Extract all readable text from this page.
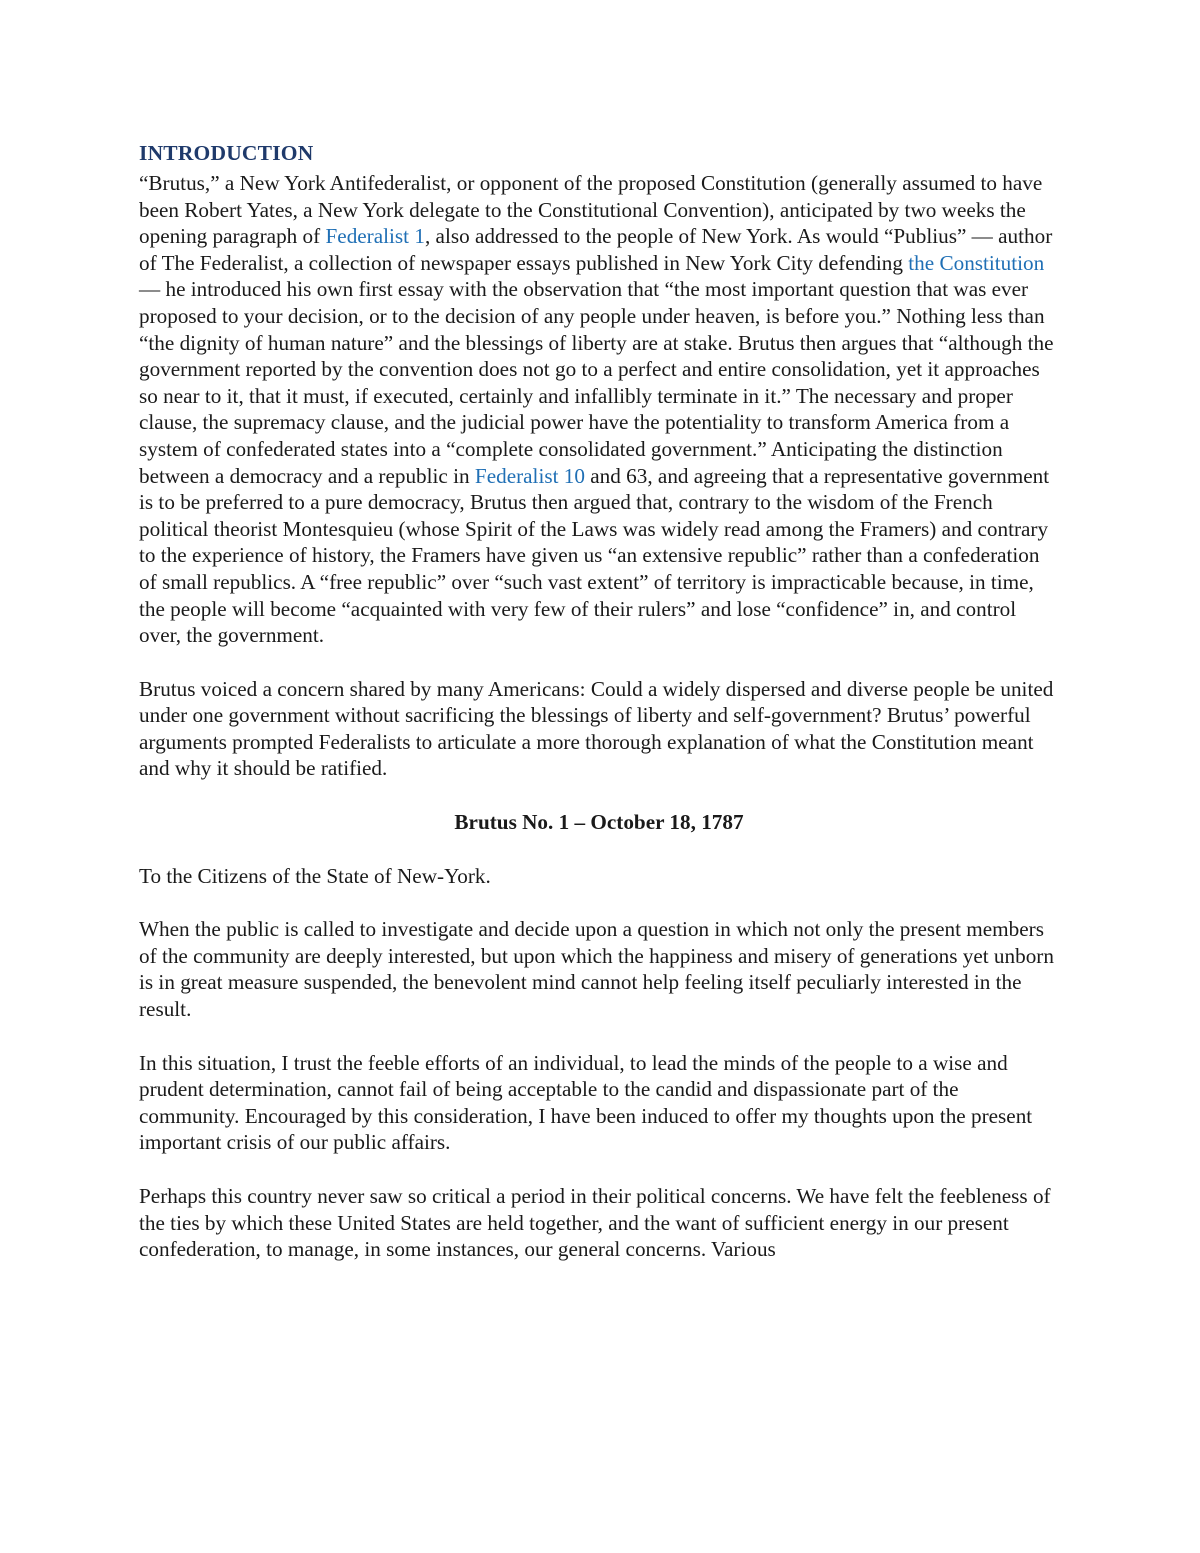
INTRODUCTION

“Brutus,” a New York Antifederalist, or opponent of the proposed Constitution (generally assumed to have been Robert Yates, a New York delegate to the Constitutional Convention), anticipated by two weeks the opening paragraph of Federalist 1, also addressed to the people of New York. As would “Publius” — author of The Federalist, a collection of newspaper essays published in New York City defending the Constitution — he introduced his own first essay with the observation that “the most important question that was ever proposed to your decision, or to the decision of any people under heaven, is before you.” Nothing less than “the dignity of human nature” and the blessings of liberty are at stake. Brutus then argues that “although the government reported by the convention does not go to a perfect and entire consolidation, yet it approaches so near to it, that it must, if executed, certainly and infallibly terminate in it.” The necessary and proper clause, the supremacy clause, and the judicial power have the potentiality to transform America from a system of confederated states into a “complete consolidated government.” Anticipating the distinction between a democracy and a republic in Federalist 10 and 63, and agreeing that a representative government is to be preferred to a pure democracy, Brutus then argued that, contrary to the wisdom of the French political theorist Montesquieu (whose Spirit of the Laws was widely read among the Framers) and contrary to the experience of history, the Framers have given us “an extensive republic” rather than a confederation of small republics. A “free republic” over “such vast extent” of territory is impracticable because, in time, the people will become “acquainted with very few of their rulers” and lose “confidence” in, and control over, the government.

Brutus voiced a concern shared by many Americans: Could a widely dispersed and diverse people be united under one government without sacrificing the blessings of liberty and self-government? Brutus’ powerful arguments prompted Federalists to articulate a more thorough explanation of what the Constitution meant and why it should be ratified.

Brutus No. 1 – October 18, 1787

To the Citizens of the State of New-York.

When the public is called to investigate and decide upon a question in which not only the present members of the community are deeply interested, but upon which the happiness and misery of generations yet unborn is in great measure suspended, the benevolent mind cannot help feeling itself peculiarly interested in the result.

In this situation, I trust the feeble efforts of an individual, to lead the minds of the people to a wise and prudent determination, cannot fail of being acceptable to the candid and dispassionate part of the community. Encouraged by this consideration, I have been induced to offer my thoughts upon the present important crisis of our public affairs.

Perhaps this country never saw so critical a period in their political concerns. We have felt the feebleness of the ties by which these United States are held together, and the want of sufficient energy in our present confederation, to manage, in some instances, our general concerns. Various
